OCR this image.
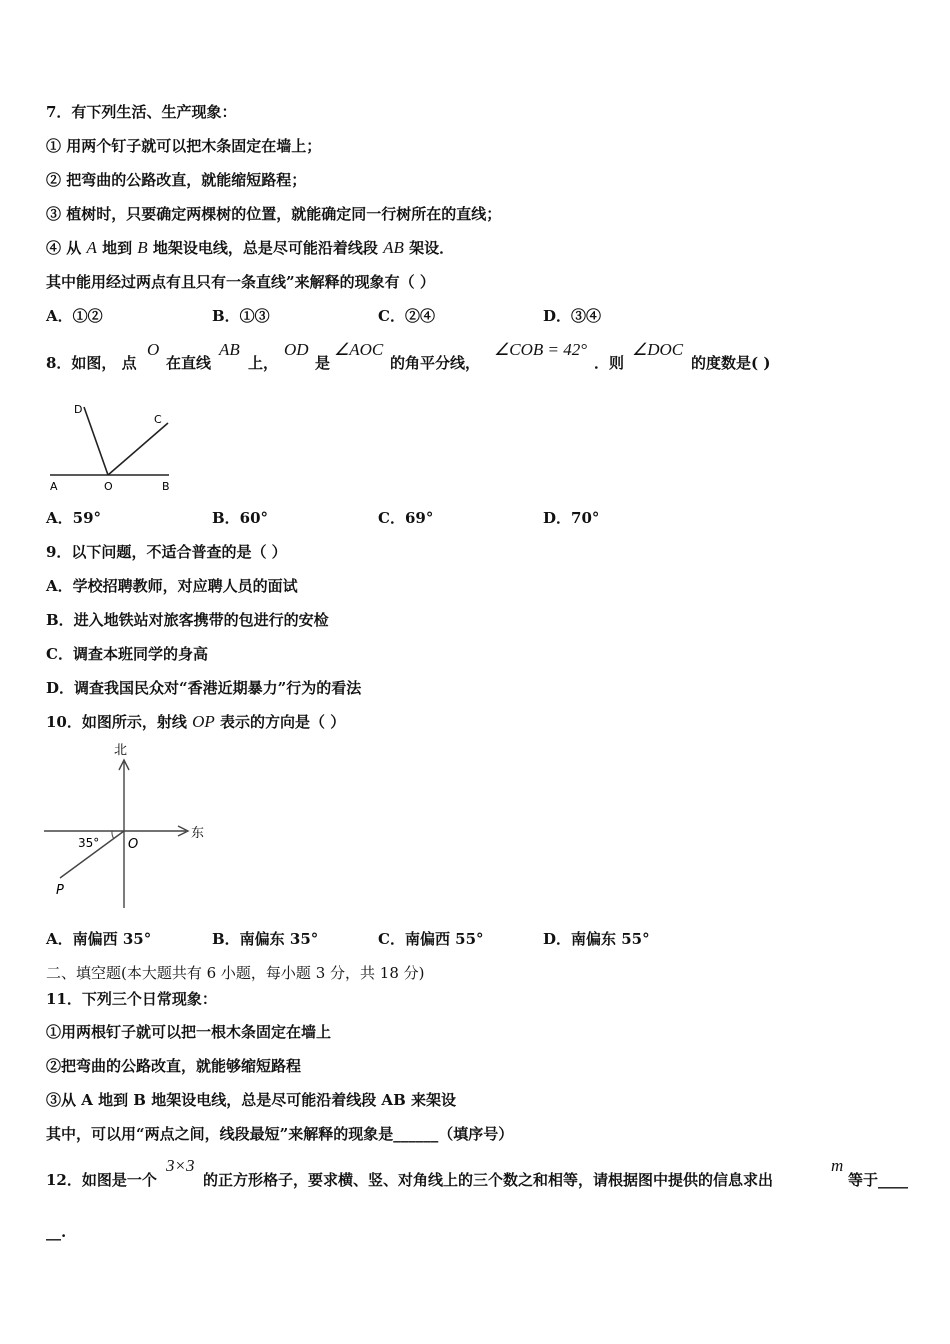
7．有下列生活、生产现象：
① 用两个钉子就可以把木条固定在墙上；
② 把弯曲的公路改直，就能缩短路程；
③ 植树时，只要确定两棵树的位置，就能确定同一行树所在的直线；
④ 从 A 地到 B 地架设电线，总是尽可能沿着线段 AB 架设．
其中能用经过两点有且只有一条直线”来解释的现象有（ ）
A．①②	B．①③	C．②④	D．③④
8．如图， 点
O
在直线
AB
上，
OD
是
∠AOC
的角平分线，
∠COB = 42°
．则
∠DOC
的度数是( )
D
C
A	O	B
A．59°	B．60°	C．69°	D．70°
9．以下问题，不适合普查的是（ ）
A．学校招聘教师，对应聘人员的面试
B．进入地铁站对旅客携带的包进行的安检
C．调查本班同学的身高
D．调查我国民众对“香港近期暴力”行为的看法
10．如图所示，射线 OP 表示的方向是（ ）
北
东
35° O
P
A．南偏西 35°	B．南偏东 35°	C．南偏西 55°	D．南偏东 55°
二、填空题(本大题共有 6 小题，每小题 3 分，共 18 分)
11．下列三个日常现象：
①用两根钉子就可以把一根木条固定在墙上
②把弯曲的公路改直，就能够缩短路程
③从 A 地到 B 地架设电线，总是尽可能沿着线段 AB 来架设
其中，可以用“两点之间，线段最短”来解释的现象是______（填序号）
12．如图是一个
3×3
的正方形格子，要求横、竖、对角线上的三个数之和相等，请根据图中提供的信息求出
m
等于____
__.
